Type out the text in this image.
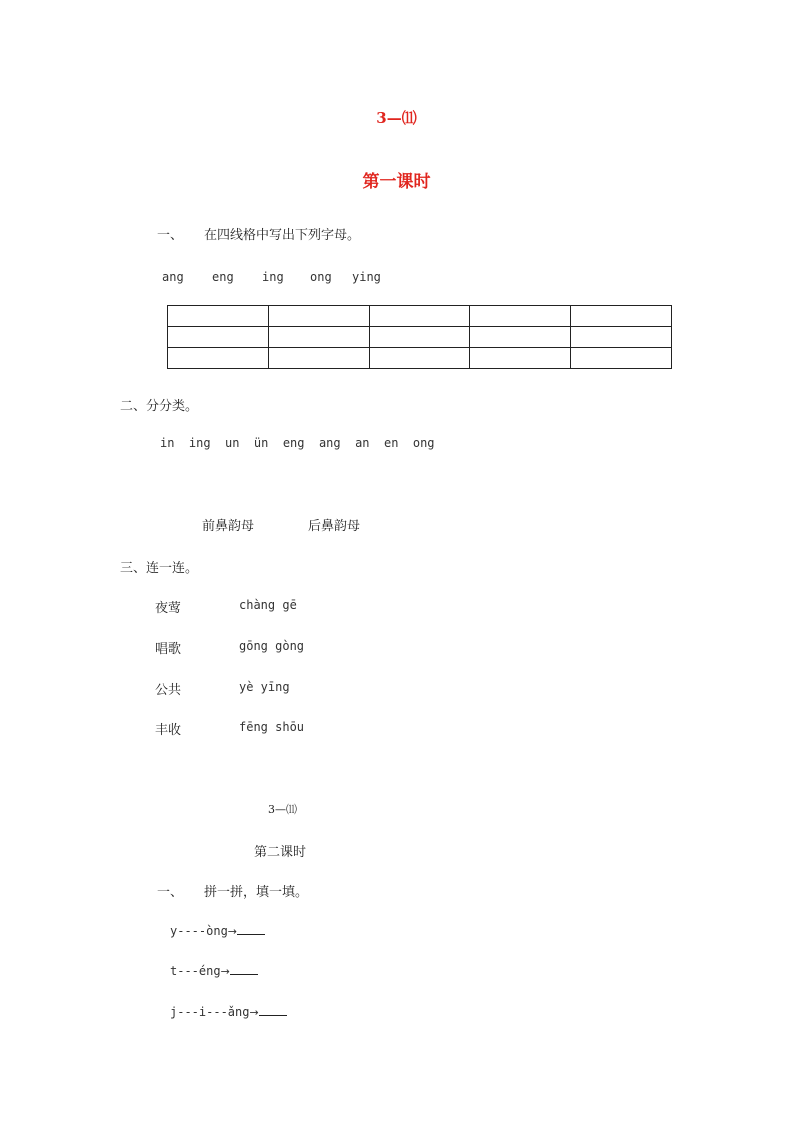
3—⑾
第一课时
一、 在四线格中写出下列字母。
ang eng ing ong ying

二、分分类。
in  ing  un  ün  eng  ang  an  en  ong
前鼻韵母	后鼻韵母
三、连一连。
夜莺	chàng gē
唱歌	gōng gòng
公共	yè yīng
丰收	fēng shōu
3—⑾
第二课时
一、 拼一拼，填一填。
y----òng→
t---éng→
j---i---ǎng→
